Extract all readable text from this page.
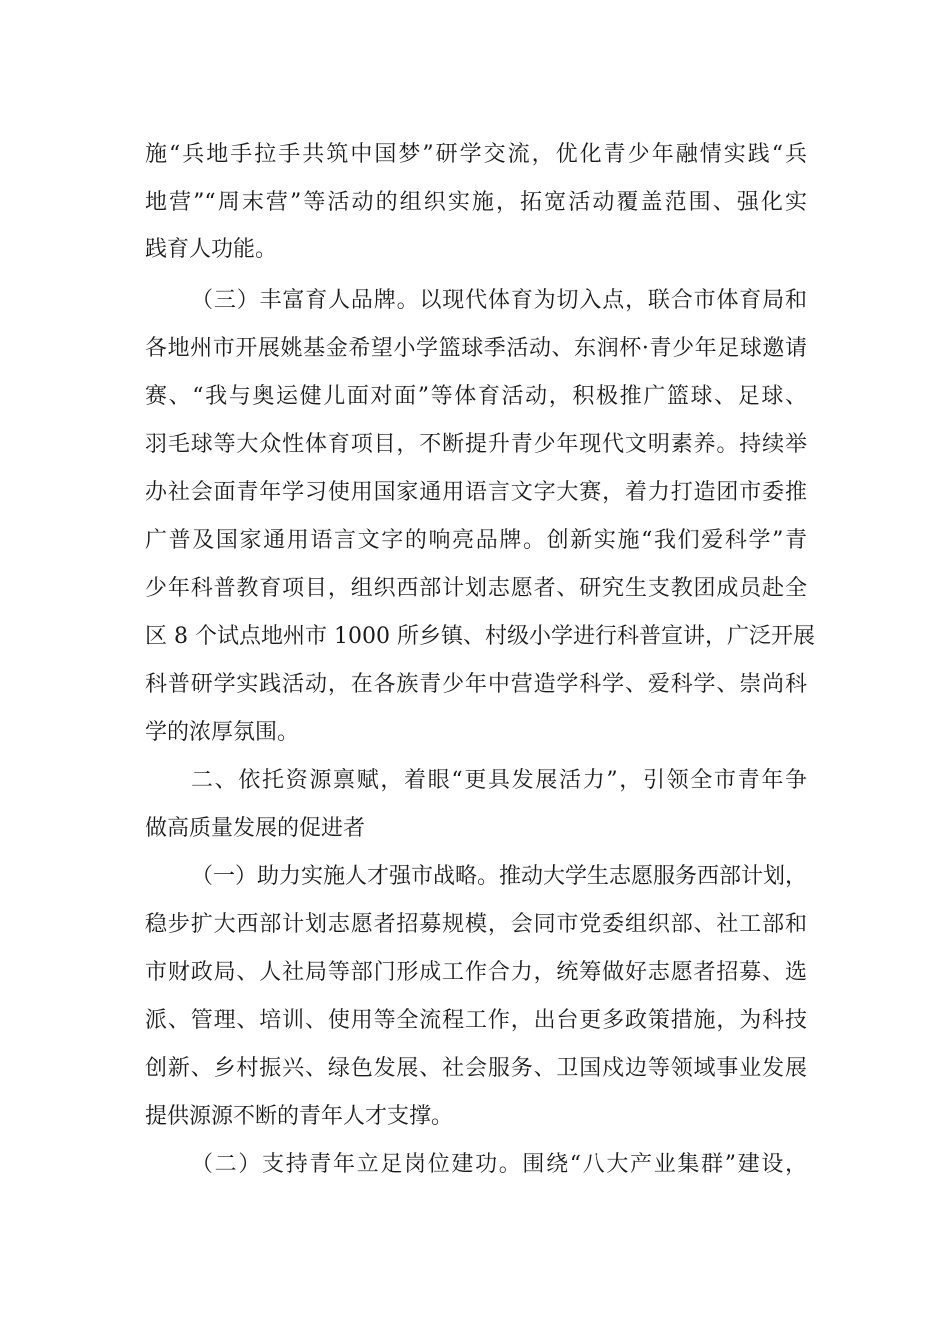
施“兵地手拉手共筑中国梦”研学交流，优化青少年融情实践“兵
地营”“周末营”等活动的组织实施，拓宽活动覆盖范围、强化实
践育人功能。
（三）丰富育人品牌。以现代体育为切入点，联合市体育局和
各地州市开展姚基金希望小学篮球季活动、东润杯·青少年足球邀请
赛、“我与奥运健儿面对面”等体育活动，积极推广篮球、足球、
羽毛球等大众性体育项目，不断提升青少年现代文明素养。持续举
办社会面青年学习使用国家通用语言文字大赛，着力打造团市委推
广普及国家通用语言文字的响亮品牌。创新实施“我们爱科学”青
少年科普教育项目，组织西部计划志愿者、研究生支教团成员赴全
区 8 个试点地州市 1000 所乡镇、村级小学进行科普宣讲，广泛开展
科普研学实践活动，在各族青少年中营造学科学、爱科学、崇尚科
学的浓厚氛围。
二、依托资源禀赋，着眼“更具发展活力”，引领全市青年争
做高质量发展的促进者
（一）助力实施人才强市战略。推动大学生志愿服务西部计划，
稳步扩大西部计划志愿者招募规模，会同市党委组织部、社工部和
市财政局、人社局等部门形成工作合力，统筹做好志愿者招募、选
派、管理、培训、使用等全流程工作，出台更多政策措施，为科技
创新、乡村振兴、绿色发展、社会服务、卫国戍边等领域事业发展
提供源源不断的青年人才支撑。
（二）支持青年立足岗位建功。围绕“八大产业集群”建设，
